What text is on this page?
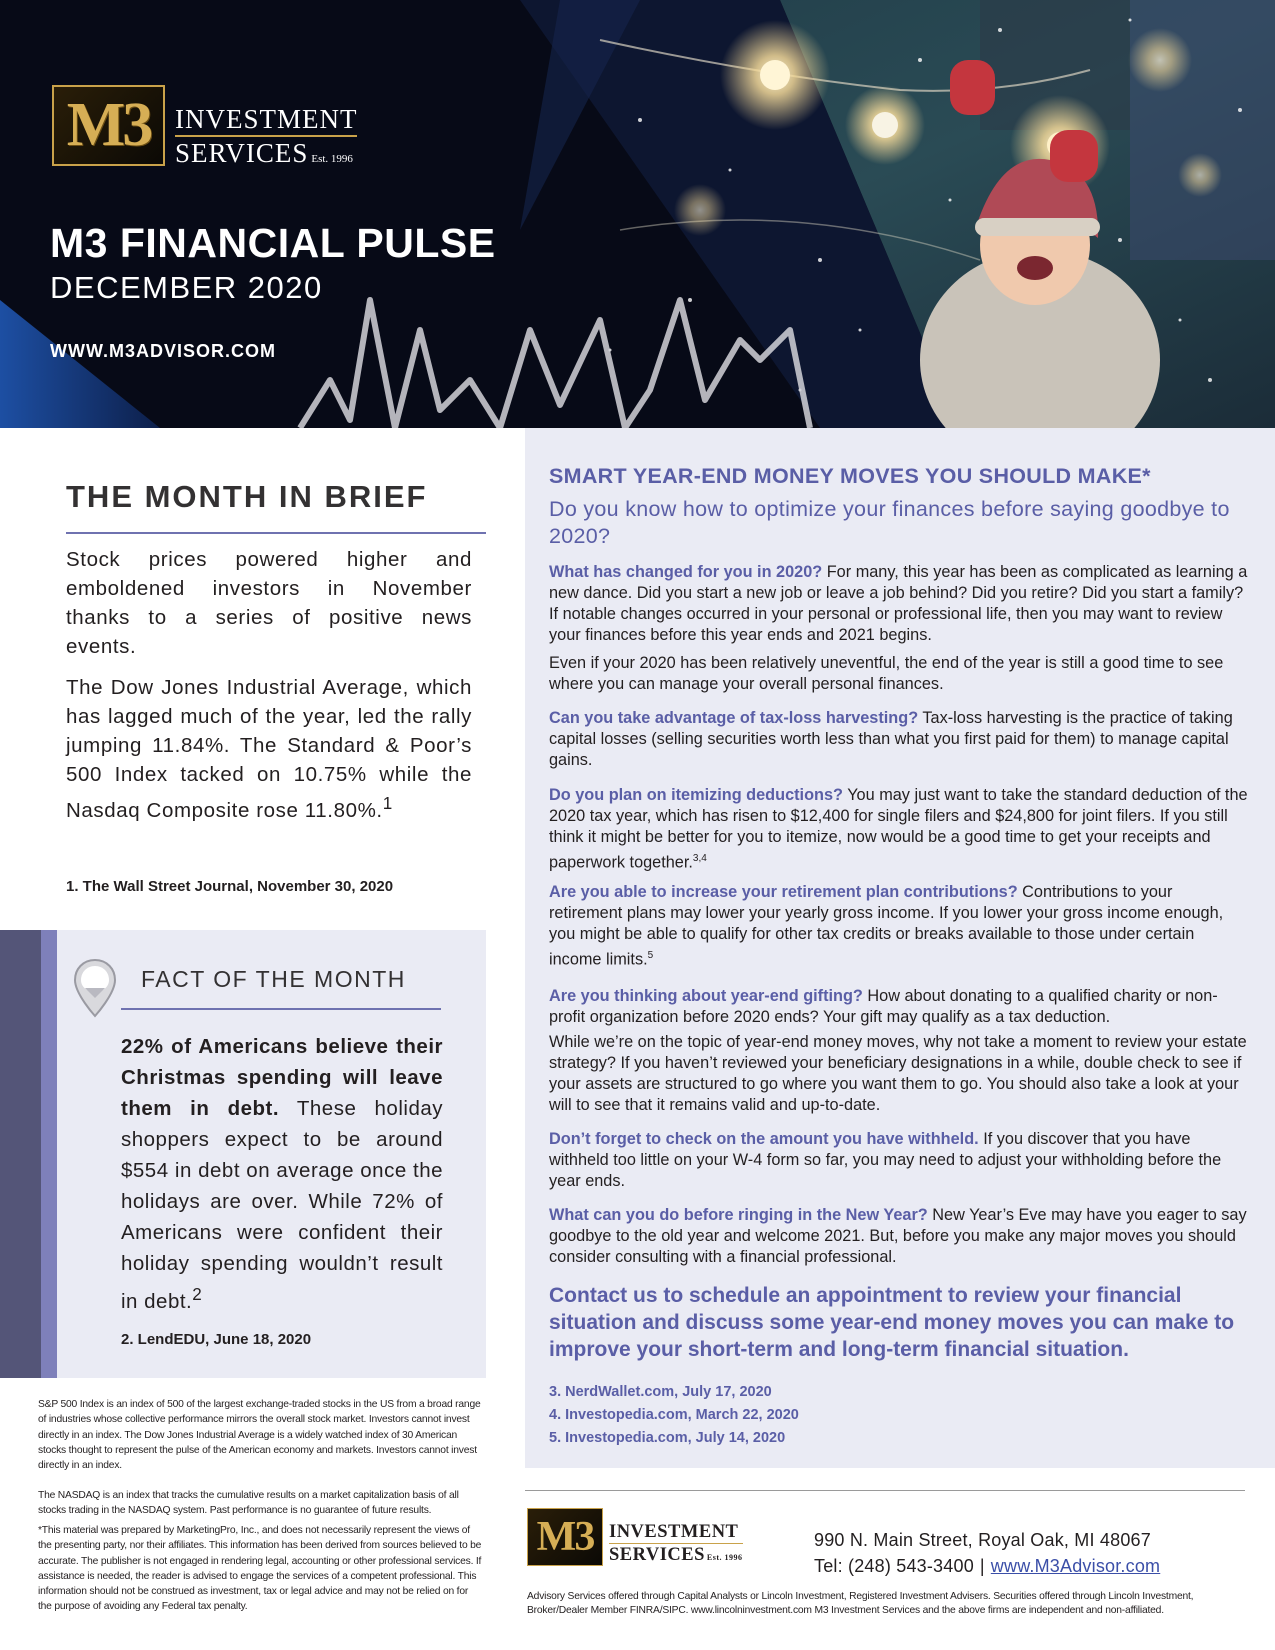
M3 INVESTMENT
SERVICES Est. 1996
M3 FINANCIAL PULSE
DECEMBER 2020
WWW.M3ADVISOR.COM
THE MONTH IN BRIEF

Stock prices powered higher and emboldened investors in November thanks to a series of positive news events.

The Dow Jones Industrial Average, which has lagged much of the year, led the rally jumping 11.84%. The Standard & Poor’s 500 Index tacked on 10.75% while the Nasdaq Composite rose 11.80%.$^1$

1. The Wall Street Journal, November 30, 2020
FACT OF THE MONTH

22% of Americans believe their Christmas spending will leave them in debt. These holiday shoppers expect to be around $554 in debt on average once the holidays are over. While 72% of Americans were confident their holiday spending wouldn’t result in debt.$^2$

2. LendEDU, June 18, 2020

S&P 500 Index is an index of 500 of the largest exchange-traded stocks in the US from a broad range of industries whose collective performance mirrors the overall stock market. Investors cannot invest directly in an index. The Dow Jones Industrial Average is a widely watched index of 30 American stocks thought to represent the pulse of the American economy and markets. Investors cannot invest directly in an index.

The NASDAQ is an index that tracks the cumulative results on a market capitalization basis of all stocks trading in the NASDAQ system. Past performance is no guarantee of future results.

*This material was prepared by MarketingPro, Inc., and does not necessarily represent the views of the presenting party, nor their affiliates. This information has been derived from sources believed to be accurate. The publisher is not engaged in rendering legal, accounting or other professional services. If assistance is needed, the reader is advised to engage the services of a competent professional. This information should not be construed as investment, tax or legal advice and may not be relied on for the purpose of avoiding any Federal tax penalty.

SMART YEAR-END MONEY MOVES YOU SHOULD MAKE*
Do you know how to optimize your finances before saying goodbye to 2020?

What has changed for you in 2020? For many, this year has been as complicated as learning a new dance. Did you start a new job or leave a job behind? Did you retire? Did you start a family? If notable changes occurred in your personal or professional life, then you may want to review your finances before this year ends and 2021 begins.

Even if your 2020 has been relatively uneventful, the end of the year is still a good time to see where you can manage your overall personal finances.

Can you take advantage of tax-loss harvesting? Tax-loss harvesting is the practice of taking capital losses (selling securities worth less than what you first paid for them) to manage capital gains.

Do you plan on itemizing deductions? You may just want to take the standard deduction of the 2020 tax year, which has risen to $12,400 for single filers and $24,800 for joint filers. If you still think it might be better for you to itemize, now would be a good time to get your receipts and paperwork together.$^{3,4}$

Are you able to increase your retirement plan contributions? Contributions to your retirement plans may lower your yearly gross income. If you lower your gross income enough, you might be able to qualify for other tax credits or breaks available to those under certain income limits.$^5$

Are you thinking about year-end gifting? How about donating to a qualified charity or non-profit organization before 2020 ends? Your gift may qualify as a tax deduction.

While we’re on the topic of year-end money moves, why not take a moment to review your estate strategy? If you haven’t reviewed your beneficiary designations in a while, double check to see if your assets are structured to go where you want them to go. You should also take a look at your will to see that it remains valid and up-to-date.

Don’t forget to check on the amount you have withheld. If you discover that you have withheld too little on your W-4 form so far, you may need to adjust your withholding before the year ends.

What can you do before ringing in the New Year? New Year’s Eve may have you eager to say goodbye to the old year and welcome 2021. But, before you make any major moves you should consider consulting with a financial professional.

Contact us to schedule an appointment to review your financial situation and discuss some year-end money moves you can make to improve your short-term and long-term financial situation.

3. NerdWallet.com, July 17, 2020
4. Investopedia.com, March 22, 2020
5. Investopedia.com, July 14, 2020
M3 INVESTMENT
SERVICES Est. 1996
990 N. Main Street, Royal Oak, MI 48067
Tel: (248) 543-3400 | www.M3Advisor.com

Advisory Services offered through Capital Analysts or Lincoln Investment, Registered Investment Advisers. Securities offered through Lincoln Investment, Broker/Dealer Member FINRA/SIPC. www.lincolninvestment.com M3 Investment Services and the above firms are independent and non-affiliated.
